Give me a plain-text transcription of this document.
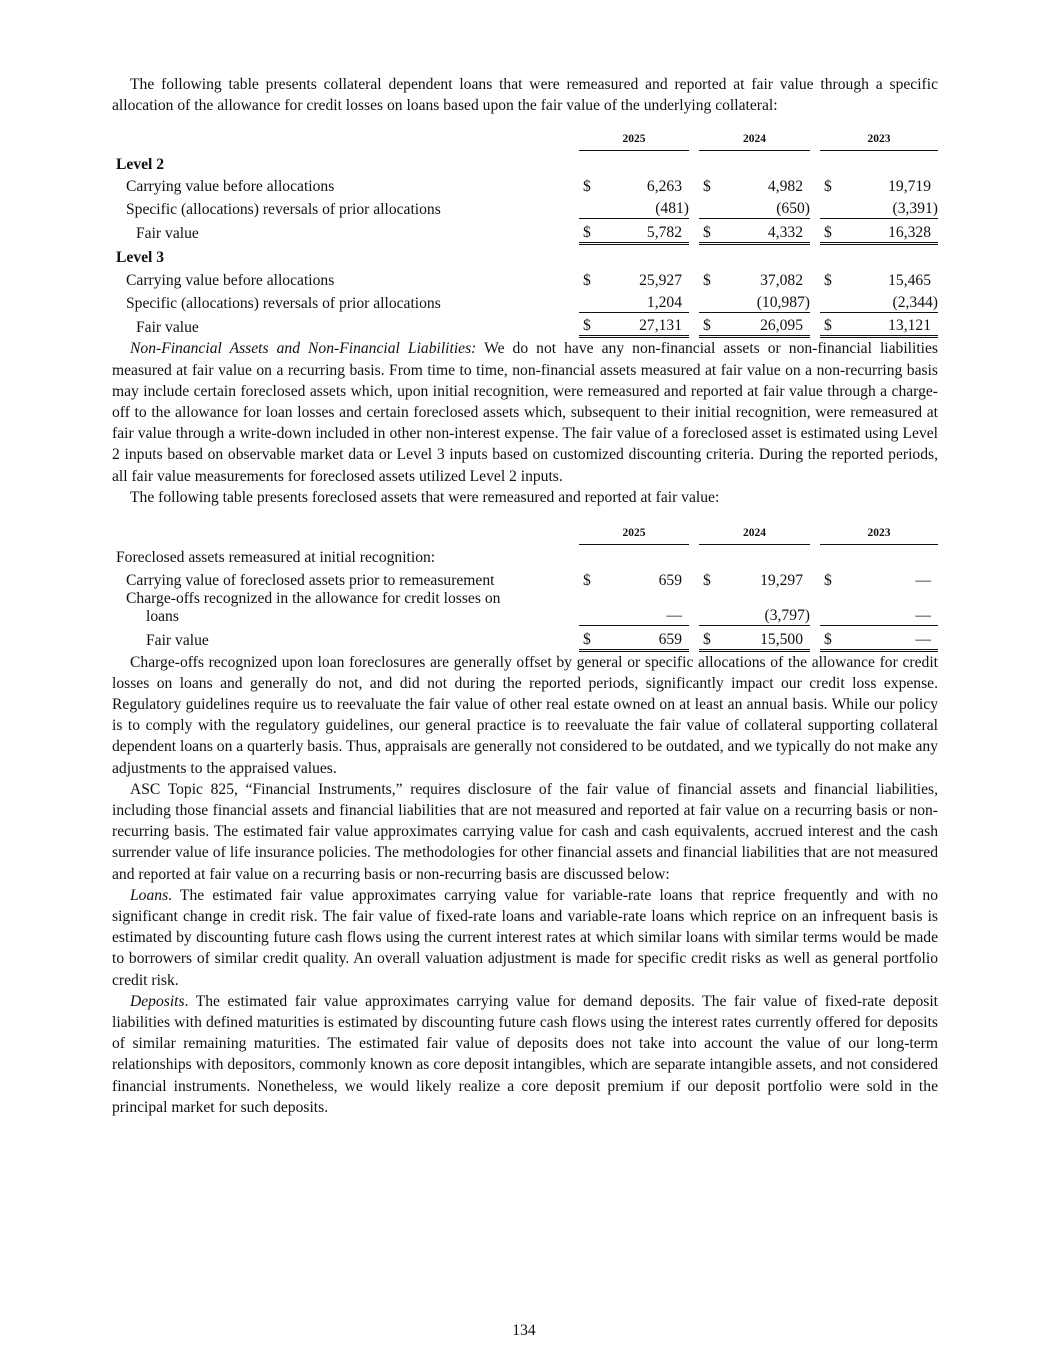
The following table presents collateral dependent loans that were remeasured and reported at fair value through a specific allocation of the allowance for credit losses on loans based upon the fair value of the underlying collateral:

	2025			2024			2023	
Level 2								
Carrying value before allocations	$	6,263		$	4,982		$	19,719
Specific (allocations) reversals of prior allocations		(481)			(650)			(3,391)
Fair value	$	5,782		$	4,332		$	16,328
Level 3								
Carrying value before allocations	$	25,927		$	37,082		$	15,465
Specific (allocations) reversals of prior allocations		1,204			(10,987)			(2,344)
Fair value	$	27,131		$	26,095		$	13,121

Non-Financial Assets and Non-Financial Liabilities: We do not have any non-financial assets or non-financial liabilities measured at fair value on a recurring basis. From time to time, non-financial assets measured at fair value on a non-recurring basis may include certain foreclosed assets which, upon initial recognition, were remeasured and reported at fair value through a charge-off to the allowance for loan losses and certain foreclosed assets which, subsequent to their initial recognition, were remeasured at fair value through a write-down included in other non-interest expense. The fair value of a foreclosed asset is estimated using Level 2 inputs based on observable market data or Level 3 inputs based on customized discounting criteria. During the reported periods, all fair value measurements for foreclosed assets utilized Level 2 inputs.

The following table presents foreclosed assets that were remeasured and reported at fair value:

	2025			2024			2023	
Foreclosed assets remeasured at initial recognition:								
Carrying value of foreclosed assets prior to remeasurement	$	659		$	19,297		$	—
Charge-offs recognized in the allowance for credit losses on
loans		—			(3,797)			—
Fair value	$	659		$	15,500		$	—

Charge-offs recognized upon loan foreclosures are generally offset by general or specific allocations of the allowance for credit losses on loans and generally do not, and did not during the reported periods, significantly impact our credit loss expense. Regulatory guidelines require us to reevaluate the fair value of other real estate owned on at least an annual basis. While our policy is to comply with the regulatory guidelines, our general practice is to reevaluate the fair value of collateral supporting collateral dependent loans on a quarterly basis. Thus, appraisals are generally not considered to be outdated, and we typically do not make any adjustments to the appraised values.

ASC Topic 825, “Financial Instruments,” requires disclosure of the fair value of financial assets and financial liabilities, including those financial assets and financial liabilities that are not measured and reported at fair value on a recurring basis or non-recurring basis. The estimated fair value approximates carrying value for cash and cash equivalents, accrued interest and the cash surrender value of life insurance policies. The methodologies for other financial assets and financial liabilities that are not measured and reported at fair value on a recurring basis or non-recurring basis are discussed below:

Loans. The estimated fair value approximates carrying value for variable-rate loans that reprice frequently and with no significant change in credit risk. The fair value of fixed-rate loans and variable-rate loans which reprice on an infrequent basis is estimated by discounting future cash flows using the current interest rates at which similar loans with similar terms would be made to borrowers of similar credit quality. An overall valuation adjustment is made for specific credit risks as well as general portfolio credit risk.

Deposits. The estimated fair value approximates carrying value for demand deposits. The fair value of fixed-rate deposit liabilities with defined maturities is estimated by discounting future cash flows using the interest rates currently offered for deposits of similar remaining maturities. The estimated fair value of deposits does not take into account the value of our long-term relationships with depositors, commonly known as core deposit intangibles, which are separate intangible assets, and not considered financial instruments. Nonetheless, we would likely realize a core deposit premium if our deposit portfolio were sold in the principal market for such deposits.

134
